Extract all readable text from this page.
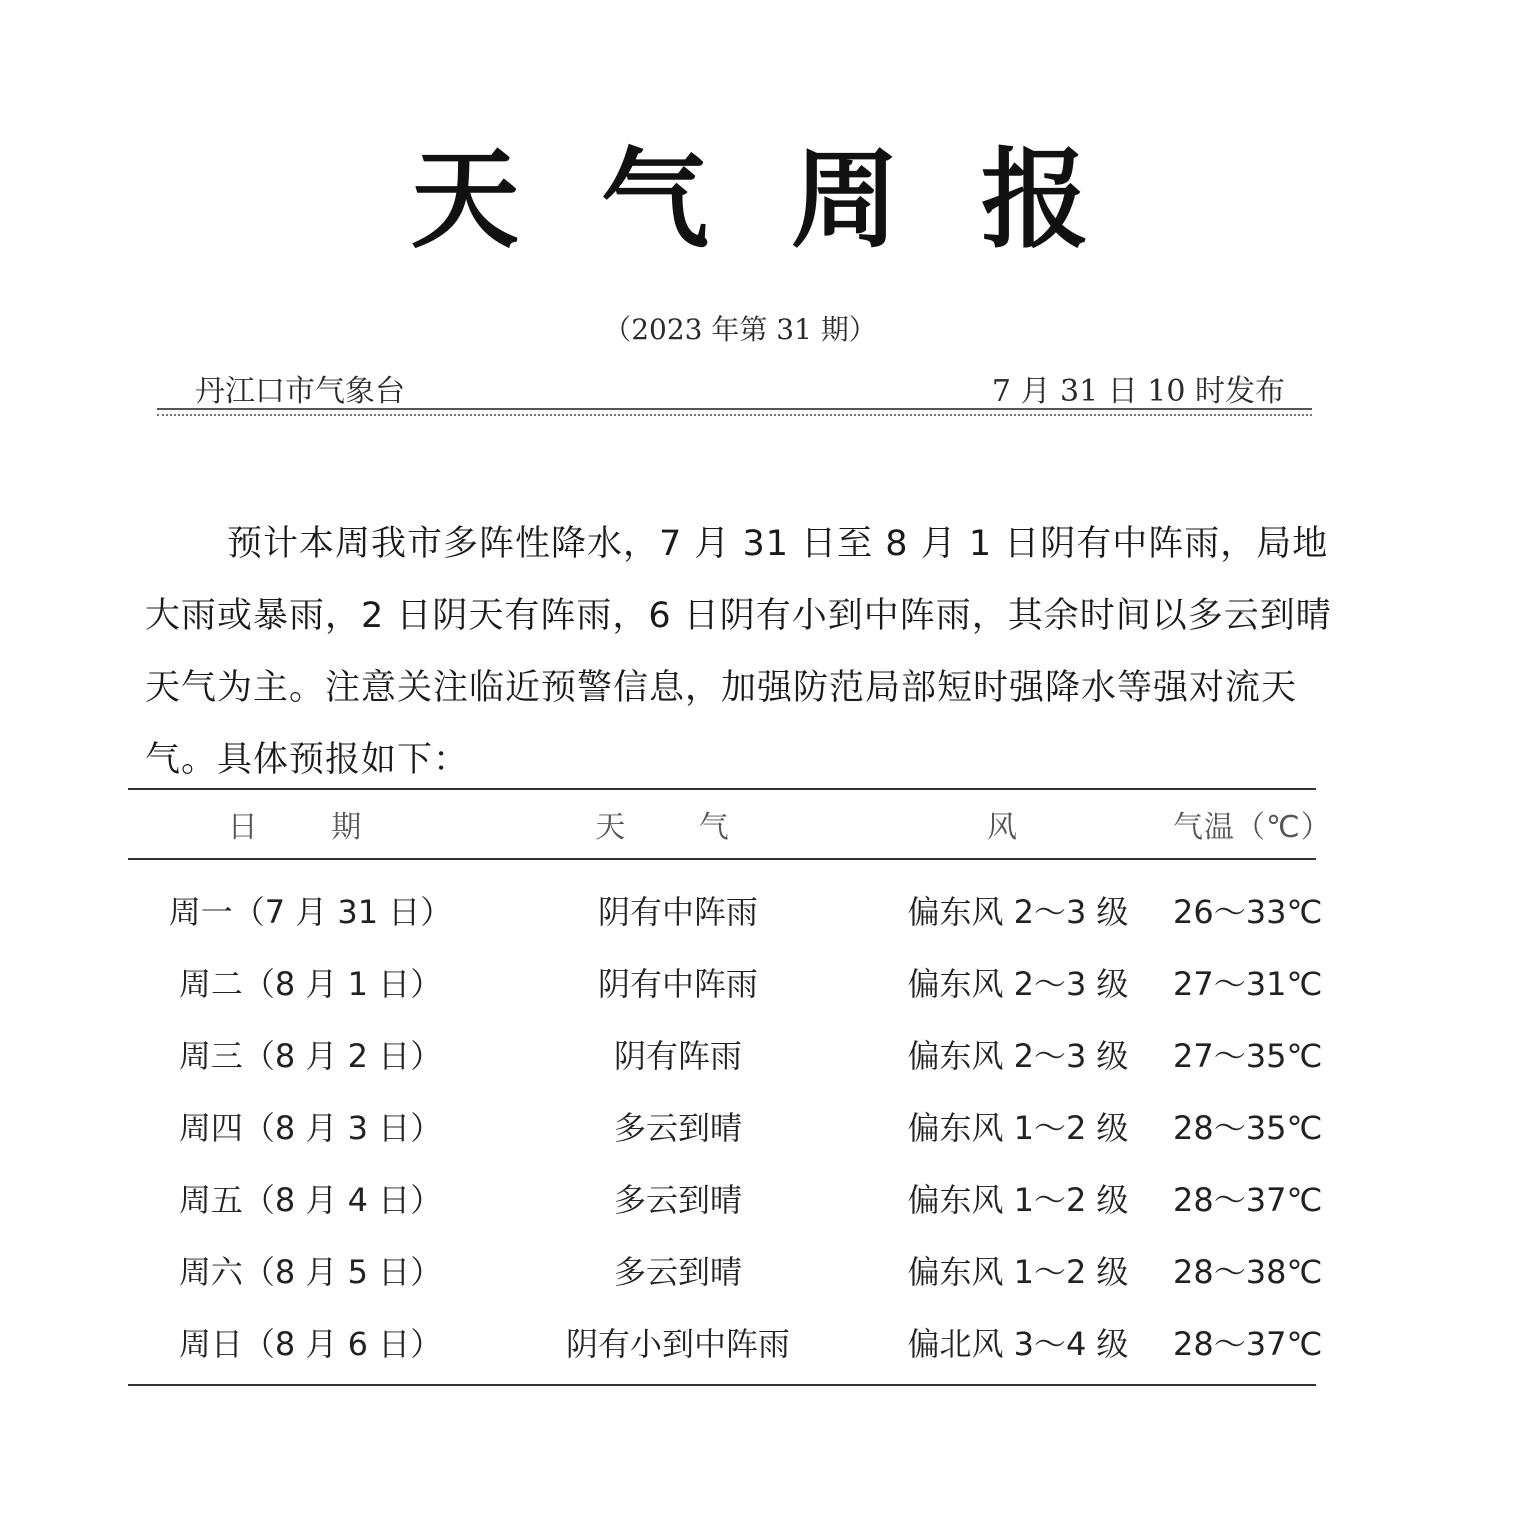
天 气 周 报
（2023 年第 31 期）
丹江口市气象台	7 月 31 日 10 时发布

预计本周我市多阵性降水，7 月 31 日至 8 月 1 日阴有中阵雨，局地大雨或暴雨，2 日阴天有阵雨，6 日阴有小到中阵雨，其余时间以多云到晴天气为主。注意关注临近预警信息，加强防范局部短时强降水等强对流天气。具体预报如下：

日 期	天 气	风	气温（℃）
周一（7 月 31 日）	阴有中阵雨	偏东风 2～3 级	26～33℃
周二（8 月 1 日）	阴有中阵雨	偏东风 2～3 级	27～31℃
周三（8 月 2 日）	阴有阵雨	偏东风 2～3 级	27～35℃
周四（8 月 3 日）	多云到晴	偏东风 1～2 级	28～35℃
周五（8 月 4 日）	多云到晴	偏东风 1～2 级	28～37℃
周六（8 月 5 日）	多云到晴	偏东风 1～2 级	28～38℃
周日（8 月 6 日）	阴有小到中阵雨	偏北风 3～4 级	28～37℃
